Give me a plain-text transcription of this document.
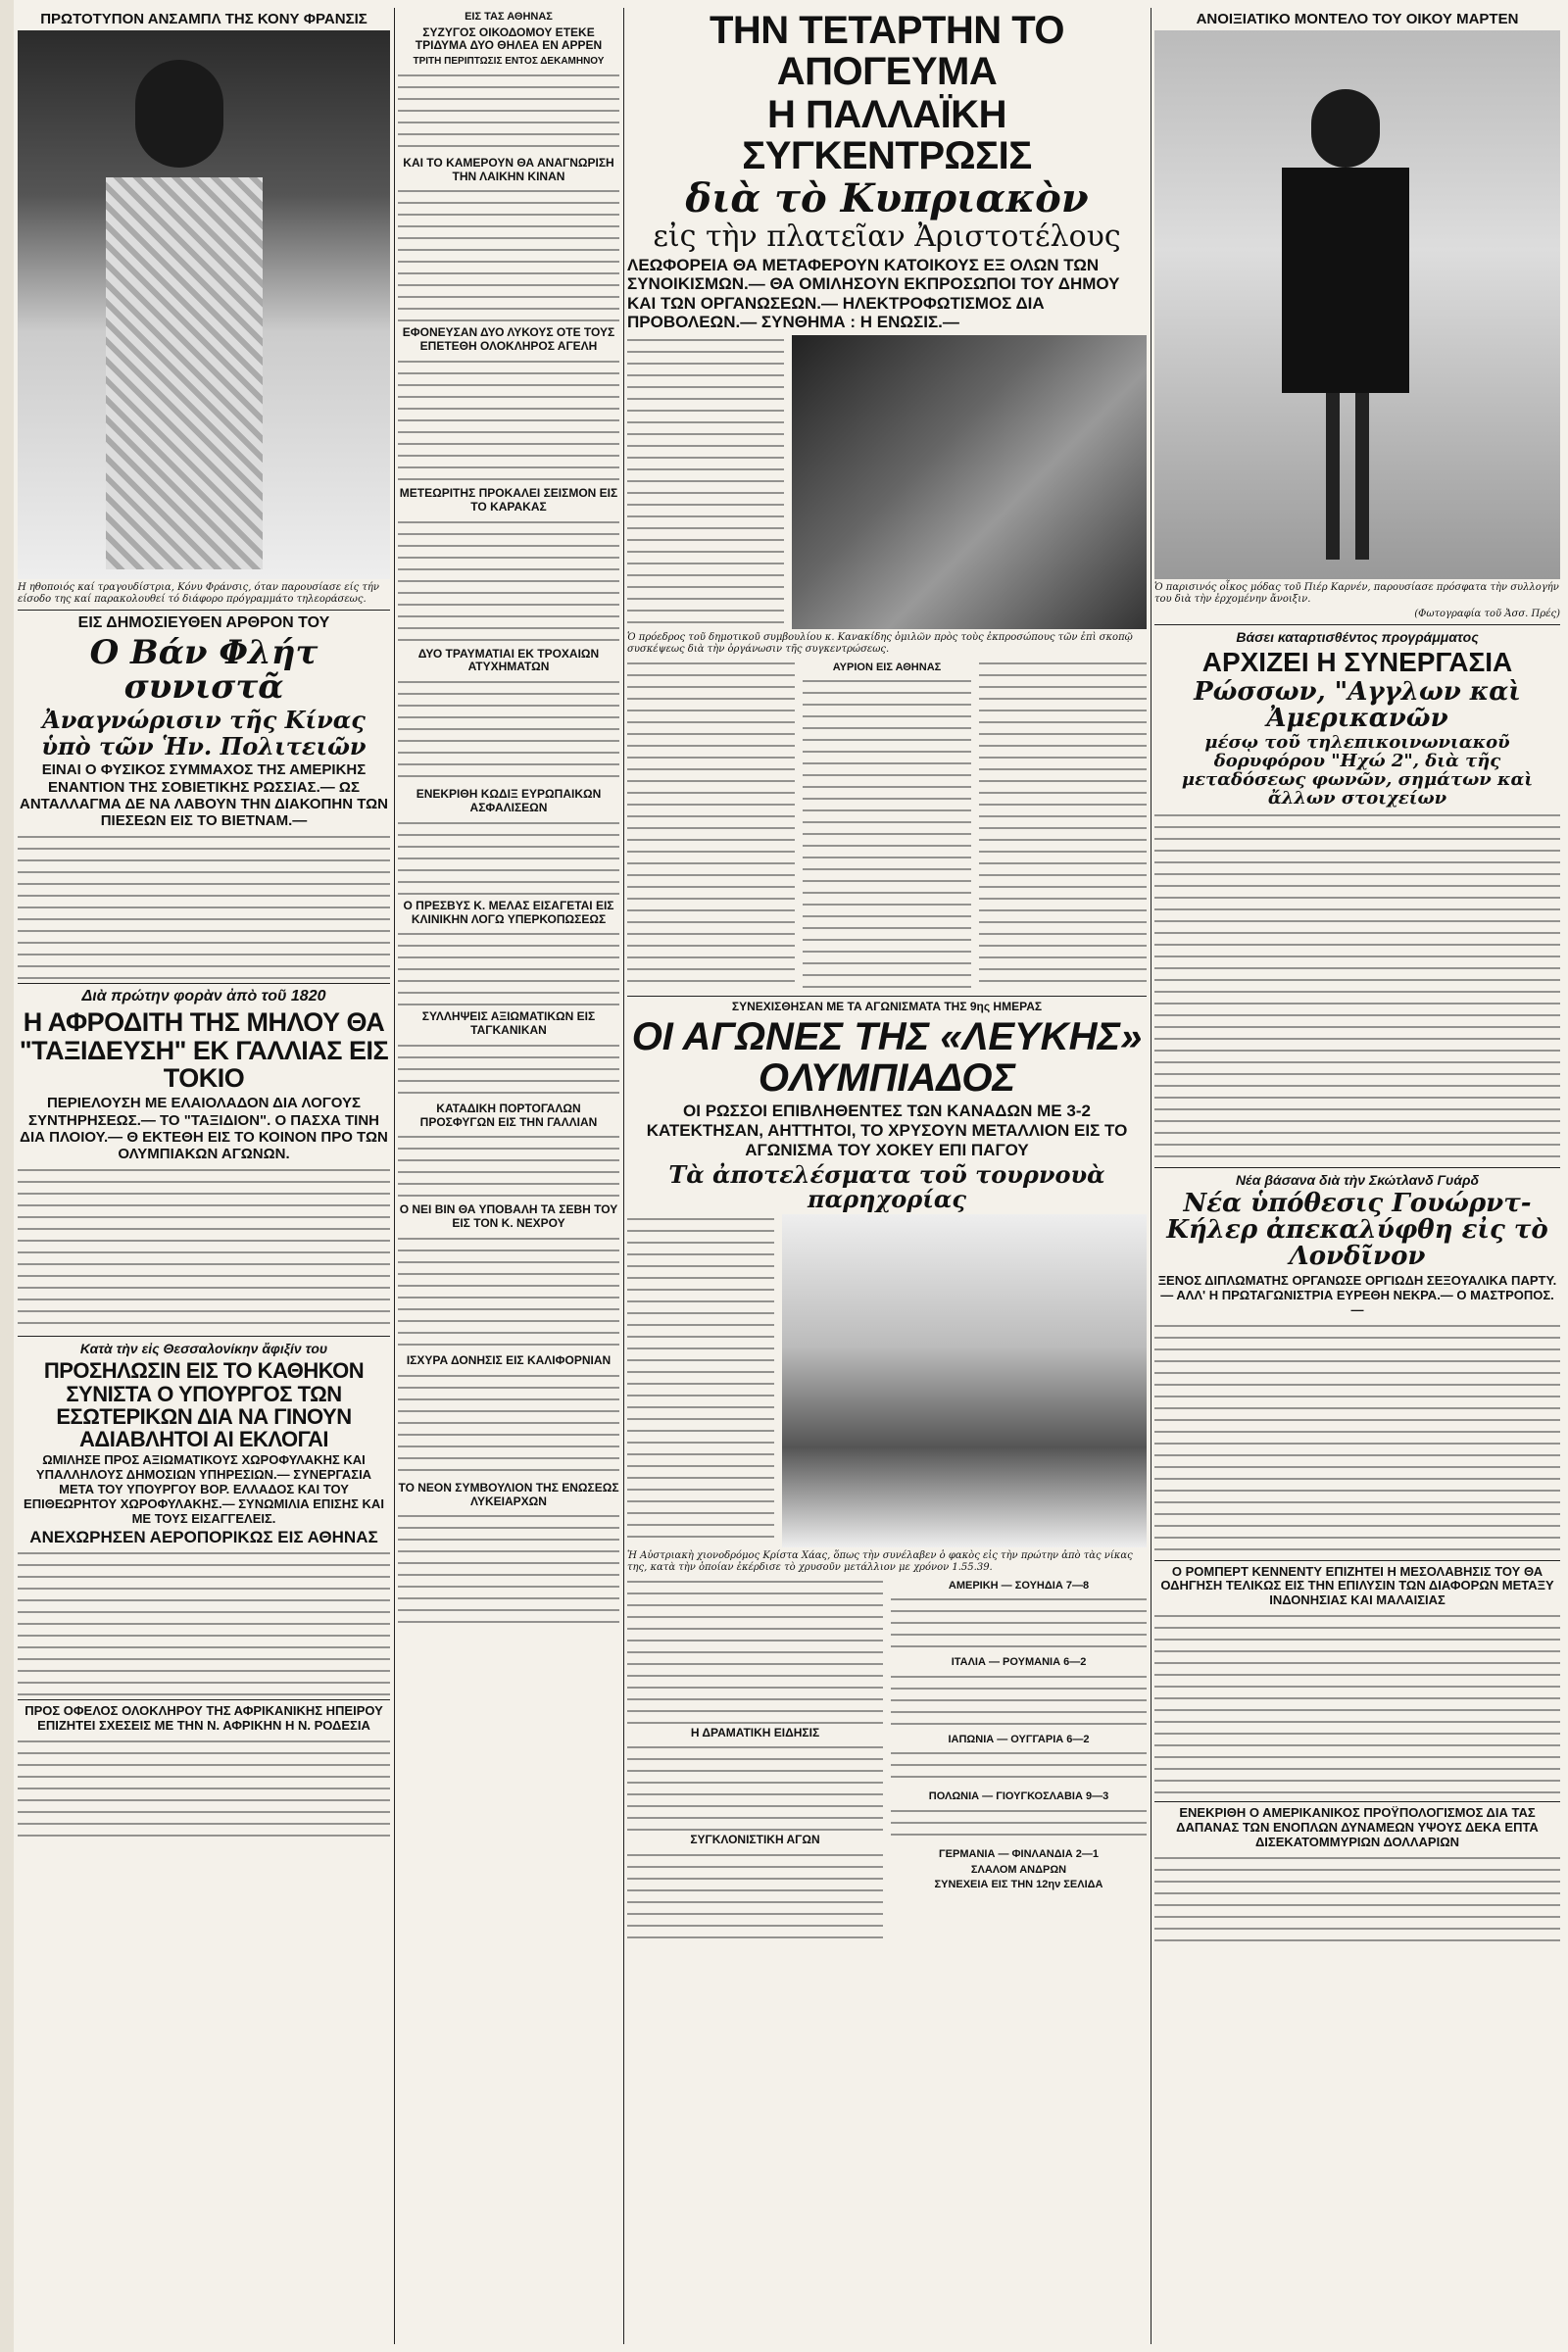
ΠΡΩΤΟΤΥΠΟΝ ΑΝΣΑΜΠΛ ΤΗΣ ΚΟΝΥ ΦΡΑΝΣΙΣ

Η ηθοποιός καί τραγουδίστρια, Κόνυ Φράνσις, όταν παρουσίασε είς τήν είσοδο της καί παρακολουθεί τό διάφορο πρόγραμμάτο τηλεοράσεως.

ΕΙΣ ΔΗΜΟΣΙΕΥΘΕΝ ΑΡΘΡΟΝ ΤΟΥ
Ο Βάν Φλήτ συνιστᾶ
Ἀναγνώρισιν τῆς Κίνας
ὑπὸ τῶν Ἡν. Πολιτειῶν
ΕΙΝΑΙ Ο ΦΥΣΙΚΟΣ ΣΥΜΜΑΧΟΣ ΤΗΣ ΑΜΕΡΙΚΗΣ ΕΝΑΝΤΙΟΝ ΤΗΣ ΣΟΒΙΕΤΙΚΗΣ ΡΩΣΣΙΑΣ.— ΩΣ ΑΝΤΑΛΛΑΓΜΑ ΔΕ ΝΑ ΛΑΒΟΥΝ ΤΗΝ ΔΙΑΚΟΠΗΝ ΤΩΝ ΠΙΕΣΕΩΝ ΕΙΣ ΤΟ ΒΙΕΤΝΑΜ.—
Διὰ πρώτην φορὰν ἀπὸ τοῦ 1820
Η ΑΦΡΟΔΙΤΗ ΤΗΣ ΜΗΛΟΥ ΘΑ "ΤΑΞΙΔΕΥΣΗ" ΕΚ ΓΑΛΛΙΑΣ ΕΙΣ ΤΟΚΙΟ
ΠΕΡΙΕΛΟΥΣΗ ΜΕ ΕΛΑΙΟΛΑΔΟΝ ΔΙΑ ΛΟΓΟΥΣ ΣΥΝΤΗΡΗΣΕΩΣ.— ΤΟ "ΤΑΞΙΔΙΟΝ". Ο ΠΑΣΧΑ ΤΙΝΗ ΔΙΑ ΠΛΟΙΟΥ.— Θ ΕΚΤΕΘΗ ΕΙΣ ΤΟ ΚΟΙΝΟΝ ΠΡΟ ΤΩΝ ΟΛΥΜΠΙΑΚΩΝ ΑΓΩΝΩΝ.
Κατὰ τὴν εἰς Θεσσαλονίκην ἄφιξίν του
ΠΡΟΣΗΛΩΣΙΝ ΕΙΣ ΤΟ ΚΑΘΗΚΟΝ ΣΥΝΙΣΤΑ Ο ΥΠΟΥΡΓΟΣ ΤΩΝ ΕΣΩΤΕΡΙΚΩΝ ΔΙΑ ΝΑ ΓΙΝΟΥΝ ΑΔΙΑΒΛΗΤΟΙ ΑΙ ΕΚΛΟΓΑΙ
ΩΜΙΛΗΣΕ ΠΡΟΣ ΑΞΙΩΜΑΤΙΚΟΥΣ ΧΩΡΟΦΥΛΑΚΗΣ ΚΑΙ ΥΠΑΛΛΗΛΟΥΣ ΔΗΜΟΣΙΩΝ ΥΠΗΡΕΣΙΩΝ.— ΣΥΝΕΡΓΑΣΙΑ ΜΕΤΑ ΤΟΥ ΥΠΟΥΡΓΟΥ ΒΟΡ. ΕΛΛΑΔΟΣ ΚΑΙ ΤΟΥ ΕΠΙΘΕΩΡΗΤΟΥ ΧΩΡΟΦΥΛΑΚΗΣ.— ΣΥΝΩΜΙΛΙΑ ΕΠΙΣΗΣ ΚΑΙ ΜΕ ΤΟΥΣ ΕΙΣΑΓΓΕΛΕΙΣ.
ΑΝΕΧΩΡΗΣΕΝ ΑΕΡΟΠΟΡΙΚΩΣ ΕΙΣ ΑΘΗΝΑΣ
ΠΡΟΣ ΟΦΕΛΟΣ ΟΛΟΚΛΗΡΟΥ ΤΗΣ ΑΦΡΙΚΑΝΙΚΗΣ ΗΠΕΙΡΟΥ ΕΠΙΖΗΤΕΙ ΣΧΕΣΕΙΣ ΜΕ ΤΗΝ Ν. ΑΦΡΙΚΗΝ Η Ν. ΡΟΔΕΣΙΑ
ΕΙΣ ΤΑΣ ΑΘΗΝΑΣ
ΣΥΖΥΓΟΣ ΟΙΚΟΔΟΜΟΥ ΕΤΕΚΕ ΤΡΙΔΥΜΑ ΔΥΟ ΘΗΛΕΑ ΕΝ ΑΡΡΕΝ
ΤΡΙΤΗ ΠΕΡΙΠΤΩΣΙΣ ΕΝΤΟΣ ΔΕΚΑΜΗΝΟΥ
ΚΑΙ ΤΟ ΚΑΜΕΡΟΥΝ ΘΑ ΑΝΑΓΝΩΡΙΣΗ ΤΗΝ ΛΑΙΚΗΝ ΚΙΝΑΝ
ΕΦΟΝΕΥΣΑΝ ΔΥΟ ΛΥΚΟΥΣ ΟΤΕ ΤΟΥΣ ΕΠΕΤΕΘΗ ΟΛΟΚΛΗΡΟΣ ΑΓΕΛΗ
ΜΕΤΕΩΡΙΤΗΣ ΠΡΟΚΑΛΕΙ ΣΕΙΣΜΟΝ ΕΙΣ ΤΟ ΚΑΡΑΚΑΣ
ΔΥΟ ΤΡΑΥΜΑΤΙΑΙ ΕΚ ΤΡΟΧΑΙΩΝ ΑΤΥΧΗΜΑΤΩΝ
ΕΝΕΚΡΙΘΗ ΚΩΔΙΞ ΕΥΡΩΠΑΙΚΩΝ ΑΣΦΑΛΙΣΕΩΝ
Ο ΠΡΕΣΒΥΣ Κ. ΜΕΛΑΣ ΕΙΣΑΓΕΤΑΙ ΕΙΣ ΚΛΙΝΙΚΗΝ ΛΟΓΩ ΥΠΕΡΚΟΠΩΣΕΩΣ
ΣΥΛΛΗΨΕΙΣ ΑΞΙΩΜΑΤΙΚΩΝ ΕΙΣ ΤΑΓΚΑΝΙΚΑΝ
ΚΑΤΑΔΙΚΗ ΠΟΡΤΟΓΑΛΩΝ ΠΡΟΣΦΥΓΩΝ ΕΙΣ ΤΗΝ ΓΑΛΛΙΑΝ
Ο ΝΕΙ ΒΙΝ ΘΑ ΥΠΟΒΑΛΗ ΤΑ ΣΕΒΗ ΤΟΥ ΕΙΣ ΤΟΝ Κ. ΝΕΧΡΟΥ
ΙΣΧΥΡΑ ΔΟΝΗΣΙΣ ΕΙΣ ΚΑΛΙΦΟΡΝΙΑΝ
ΤΟ ΝΕΟΝ ΣΥΜΒΟΥΛΙΟΝ ΤΗΣ ΕΝΩΣΕΩΣ ΛΥΚΕΙΑΡΧΩΝ
ΤΗΝ ΤΕΤΑΡΤΗΝ ΤΟ ΑΠΟΓΕΥΜΑ
Η ΠΑΛΛΑΪΚΗ ΣΥΓΚΕΝΤΡΩΣΙΣ
διὰ τὸ Κυπριακὸν
εἰς τὴν πλατεῖαν Ἀριστοτέλους
ΛΕΩΦΟΡΕΙΑ ΘΑ ΜΕΤΑΦΕΡΟΥΝ ΚΑΤΟΙΚΟΥΣ ΕΞ ΟΛΩΝ ΤΩΝ ΣΥΝΟΙΚΙΣΜΩΝ.— ΘΑ ΟΜΙΛΗΣΟΥΝ ΕΚΠΡΟΣΩΠΟΙ ΤΟΥ ΔΗΜΟΥ ΚΑΙ ΤΩΝ ΟΡΓΑΝΩΣΕΩΝ.— ΗΛΕΚΤΡΟΦΩΤΙΣΜΟΣ ΔΙΑ ΠΡΟΒΟΛΕΩΝ.— ΣΥΝΘΗΜΑ : Η ΕΝΩΣΙΣ.—

Ὁ πρόεδρος τοῦ δημοτικοῦ συμβουλίου κ. Κανακίδης ὁμιλῶν πρὸς τοὺς ἐκπροσώπους τῶν ἐπὶ σκοπῷ συσκέψεως διὰ τὴν ὀργάνωσιν τῆς συγκεντρώσεως.

ΑΥΡΙΟΝ ΕΙΣ ΑΘΗΝΑΣ
ΣΥΝΕΧΙΣΘΗΣΑΝ ΜΕ ΤΑ ΑΓΩΝΙΣΜΑΤΑ ΤΗΣ 9ης ΗΜΕΡΑΣ
ΟΙ ΑΓΩΝΕΣ ΤΗΣ «ΛΕΥΚΗΣ» ΟΛΥΜΠΙΑΔΟΣ
ΟΙ ΡΩΣΣΟΙ ΕΠΙΒΛΗΘΕΝΤΕΣ ΤΩΝ ΚΑΝΑΔΩΝ ΜΕ 3-2 ΚΑΤΕΚΤΗΣΑΝ, ΑΗΤΤΗΤΟΙ, ΤΟ ΧΡΥΣΟΥΝ ΜΕΤΑΛΛΙΟΝ ΕΙΣ ΤΟ ΑΓΩΝΙΣΜΑ ΤΟΥ ΧΟΚΕΥ ΕΠΙ ΠΑΓΟΥ
Τὰ ἀποτελέσματα τοῦ τουρνουὰ παρηχορίας

Ἡ Αὐστριακὴ χιονοδρόμος Κρίστα Χάας, ὅπως τὴν συνέλαβεν ὁ φακὸς εἰς τὴν πρώτην ἀπὸ τὰς νίκας της, κατὰ τὴν ὁποίαν ἐκέρδισε τὸ χρυσοῦν μετάλλιον με χρόνον 1.55.39.

Η ΔΡΑΜΑΤΙΚΗ ΕΙΔΗΣΙΣ
ΣΥΓΚΛΟΝΙΣΤΙΚΗ ΑΓΩΝ
ΑΜΕΡΙΚΗ — ΣΟΥΗΔΙΑ 7—8
ΙΤΑΛΙΑ — ΡΟΥΜΑΝΙΑ 6—2
ΙΑΠΩΝΙΑ — ΟΥΓΓΑΡΙΑ 6—2
ΠΟΛΩΝΙΑ — ΓΙΟΥΓΚΟΣΛΑΒΙΑ 9—3
ΓΕΡΜΑΝΙΑ — ΦΙΝΛΑΝΔΙΑ 2—1
ΣΛΑΛΟΜ ΑΝΔΡΩΝ
ΣΥΝΕΧΕΙΑ ΕΙΣ ΤΗΝ 12ην ΣΕΛΙΔΑ
ΑΝΟΙΞΙΑΤΙΚΟ ΜΟΝΤΕΛΟ ΤΟΥ ΟΙΚΟΥ ΜΑΡΤΕΝ

Ὁ παρισινός οἶκος μόδας τοῦ Πιέρ Καρνέν, παρουσίασε πρόσφατα τὴν συλλογήν του διὰ τὴν ἐρχομένην ἄνοιξιν.

(Φωτογραφία τοῦ Ἀσσ. Πρές)

Βάσει καταρτισθέντος προγράμματος
ΑΡΧΙΖΕΙ Η ΣΥΝΕΡΓΑΣΙΑ
Ρώσσων, "Αγγλων καὶ Ἀμερικανῶν
μέσῳ τοῦ τηλεπικοινωνιακοῦ δορυφόρου "Ηχώ 2", διὰ τῆς μεταδόσεως φωνῶν, σημάτων καὶ ἄλλων στοιχείων
Νέα βάσανα διὰ τὴν Σκώτλανδ Γυάρδ
Νέα ὑπόθεσις Γουώρντ-Κήλερ ἀπεκαλύφθη εἰς τὸ Λονδῖνον
ΞΕΝΟΣ ΔΙΠΛΩΜΑΤΗΣ ΟΡΓΑΝΩΣΕ ΟΡΓΙΩΔΗ ΣΕΞΟΥΑΛΙΚΑ ΠΑΡΤΥ.— ΑΛΛ' Η ΠΡΩΤΑΓΩΝΙΣΤΡΙΑ ΕΥΡΕΘΗ ΝΕΚΡΑ.— Ο ΜΑΣΤΡΟΠΟΣ.—
Ο ΡΟΜΠΕΡΤ ΚΕΝΝΕΝΤΥ ΕΠΙΖΗΤΕΙ Η ΜΕΣΟΛΑΒΗΣΙΣ ΤΟΥ ΘΑ ΟΔΗΓΗΣΗ ΤΕΛΙΚΩΣ ΕΙΣ ΤΗΝ ΕΠΙΛΥΣΙΝ ΤΩΝ ΔΙΑΦΟΡΩΝ ΜΕΤΑΞΥ ΙΝΔΟΝΗΣΙΑΣ ΚΑΙ ΜΑΛΑΙΣΙΑΣ
ΕΝΕΚΡΙΘΗ Ο ΑΜΕΡΙΚΑΝΙΚΟΣ ΠΡΟΫΠΟΛΟΓΙΣΜΟΣ ΔΙΑ ΤΑΣ ΔΑΠΑΝΑΣ ΤΩΝ ΕΝΟΠΛΩΝ ΔΥΝΑΜΕΩΝ ΥΨΟΥΣ ΔΕΚΑ ΕΠΤΑ ΔΙΣΕΚΑΤΟΜΜΥΡΙΩΝ ΔΟΛΛΑΡΙΩΝ
